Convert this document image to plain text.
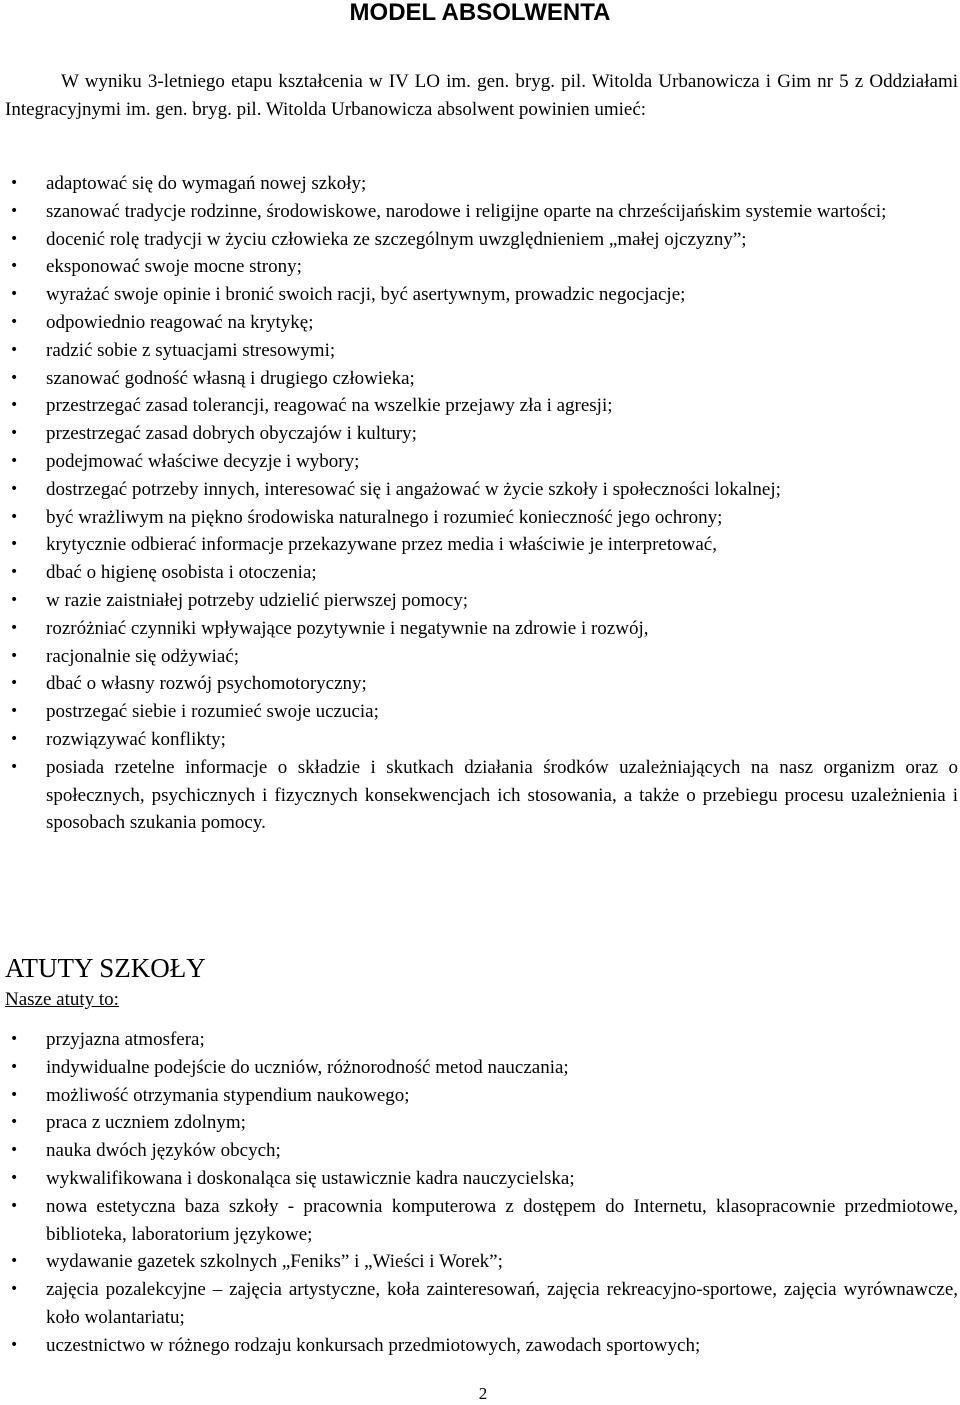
MODEL ABSOLWENTA

W wyniku 3-letniego etapu kształcenia w IV LO im. gen. bryg. pil. Witolda Urbanowicza i Gim nr 5 z Oddziałami Integracyjnymi im. gen. bryg. pil. Witolda Urbanowicza absolwent powinien umieć:

• adaptować się do wymagań nowej szkoły;
• szanować tradycje rodzinne, środowiskowe, narodowe i religijne oparte na chrześcijańskim systemie wartości;
• docenić rolę tradycji w życiu człowieka ze szczególnym uwzględnieniem „małej ojczyzny”;
• eksponować swoje mocne strony;
• wyrażać swoje opinie i bronić swoich racji, być asertywnym, prowadzic negocjacje;
• odpowiednio reagować na krytykę;
• radzić sobie z sytuacjami stresowymi;
• szanować godność własną i drugiego człowieka;
• przestrzegać zasad tolerancji, reagować na wszelkie przejawy zła i agresji;
• przestrzegać zasad dobrych obyczajów i kultury;
• podejmować właściwe decyzje i wybory;
• dostrzegać potrzeby innych, interesować się i angażować w życie szkoły i społeczności lokalnej;
• być wrażliwym na piękno środowiska naturalnego i rozumieć konieczność jego ochrony;
• krytycznie odbierać informacje przekazywane przez media i właściwie je interpretować,
• dbać o higienę osobista i otoczenia;
• w razie zaistniałej potrzeby udzielić pierwszej pomocy;
• rozróżniać czynniki wpływające pozytywnie i negatywnie na zdrowie i rozwój,
• racjonalnie się odżywiać;
• dbać o własny rozwój psychomotoryczny;
• postrzegać siebie i rozumieć swoje uczucia;
• rozwiązywać konflikty;
• posiada rzetelne informacje o składzie i skutkach działania środków uzależniających na nasz organizm oraz o społecznych, psychicznych i fizycznych konsekwencjach ich stosowania, a także o przebiegu procesu uzależnienia i sposobach szukania pomocy.
ATUTY SZKOŁY

Nasze atuty to:

• przyjazna atmosfera;
• indywidualne podejście do uczniów, różnorodność metod nauczania;
• możliwość otrzymania stypendium naukowego;
• praca z uczniem zdolnym;
• nauka dwóch języków obcych;
• wykwalifikowana i doskonaląca się ustawicznie kadra nauczycielska;
• nowa estetyczna baza szkoły - pracownia komputerowa z dostępem do Internetu, klasopracownie przedmiotowe, biblioteka, laboratorium językowe;
• wydawanie gazetek szkolnych „Feniks” i „Wieści i Worek”;
• zajęcia pozalekcyjne – zajęcia artystyczne, koła zainteresowań, zajęcia rekreacyjno-sportowe, zajęcia wyrównawcze, koło wolantariatu;
• uczestnictwo w różnego rodzaju konkursach przedmiotowych, zawodach sportowych;
2
